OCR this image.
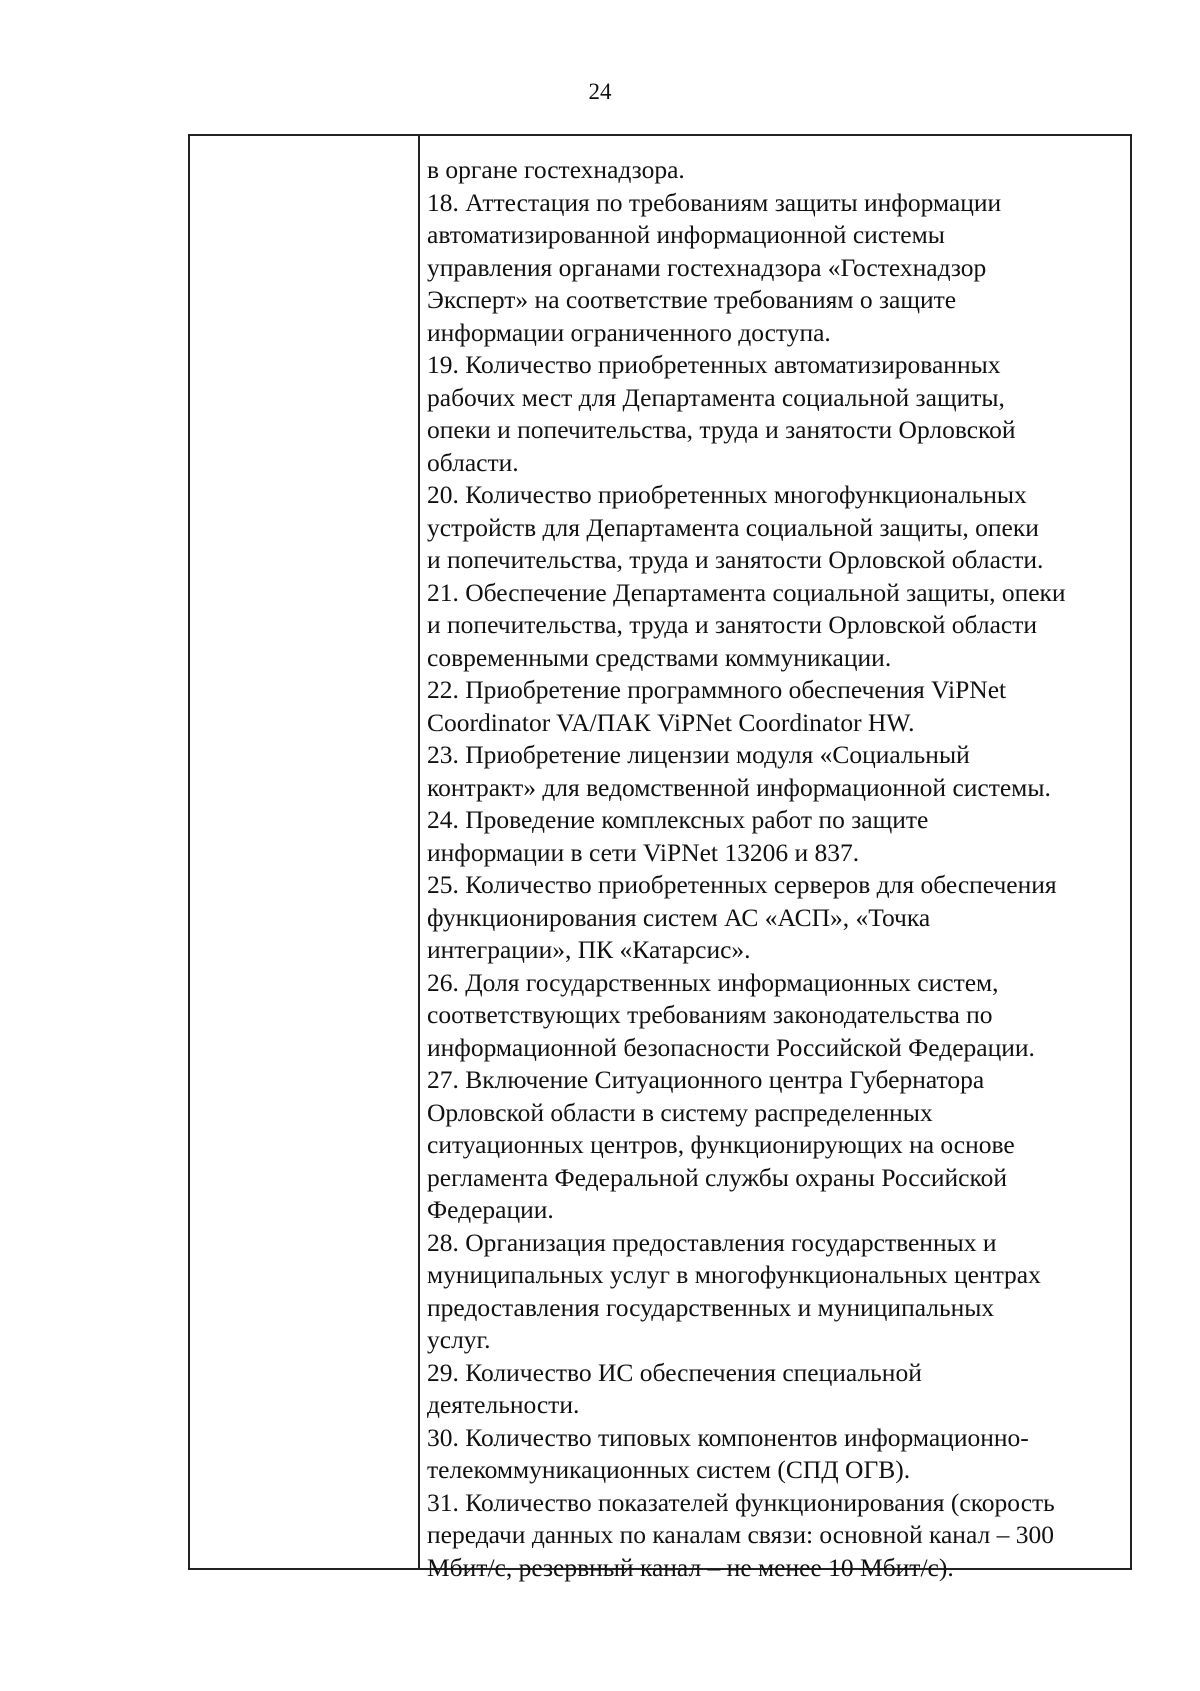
24
в органе гостехнадзора.
18. Аттестация по требованиям защиты информации
автоматизированной информационной системы
управления органами гостехнадзора «Гостехнадзор
Эксперт» на соответствие требованиям о защите
информации ограниченного доступа.
19. Количество приобретенных автоматизированных
рабочих мест для Департамента социальной защиты,
опеки и попечительства, труда и занятости Орловской
области.
20. Количество приобретенных многофункциональных
устройств для Департамента социальной защиты, опеки
и попечительства, труда и занятости Орловской области.
21. Обеспечение Департамента социальной защиты, опеки
и попечительства, труда и занятости Орловской области
современными средствами коммуникации.
22. Приобретение программного обеспечения ViPNet
Coordinator VA/ПАК ViPNet Coordinator HW.
23. Приобретение лицензии модуля «Социальный
контракт» для ведомственной информационной системы.
24. Проведение комплексных работ по защите
информации в сети ViPNet 13206 и 837.
25. Количество приобретенных серверов для обеспечения
функционирования систем АС «АСП», «Точка
интеграции», ПК «Катарсис».
26. Доля государственных информационных систем,
соответствующих требованиям законодательства по
информационной безопасности Российской Федерации.
27. Включение Ситуационного центра Губернатора
Орловской области в систему распределенных
ситуационных центров, функционирующих на основе
регламента Федеральной службы охраны Российской
Федерации.
28. Организация предоставления государственных и
муниципальных услуг в многофункциональных центрах
предоставления государственных и муниципальных
услуг.
29. Количество ИС обеспечения специальной
деятельности.
30. Количество типовых компонентов информационно-
телекоммуникационных систем (СПД ОГВ).
31. Количество показателей функционирования (скорость
передачи данных по каналам связи: основной канал – 300
Мбит/с, резервный канал – не менее 10 Мбит/с).
